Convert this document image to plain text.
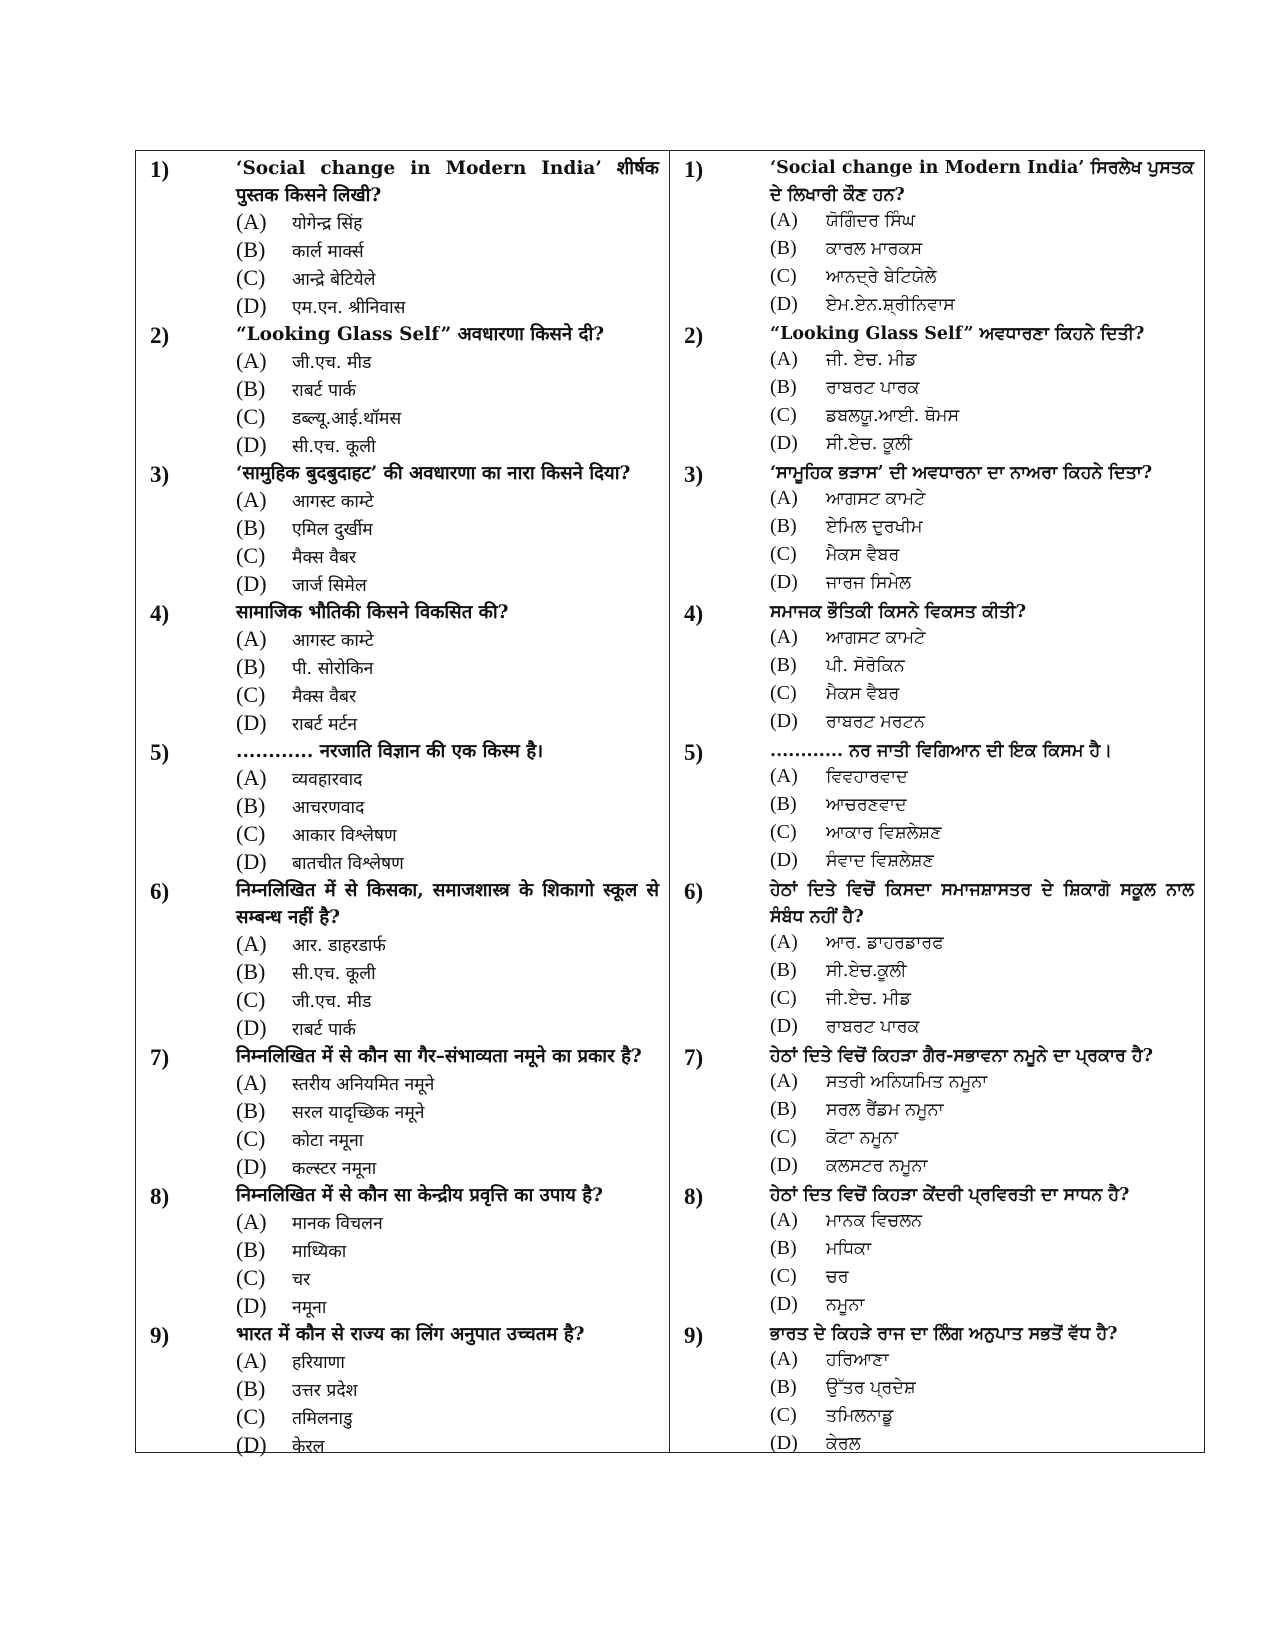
1)	‘Social change in Modern India’ शीर्षक पुस्तक किसने लिखी?
(A)	योगेन्द्र सिंह
(B)	कार्ल मार्क्स
(C)	आन्द्रे बेटियेले
(D)	एम.एन. श्रीनिवास
2)	“Looking Glass Self” अवधारणा किसने दी?
(A)	जी.एच. मीड
(B)	राबर्ट पार्क
(C)	डब्ल्यू.आई.थॉमस
(D)	सी.एच. कूली
3)	‘सामुहिक बुदबुदाहट’ की अवधारणा का नारा किसने दिया?
(A)	आगस्ट काम्टे
(B)	एमिल दुर्खीम
(C)	मैक्स वैबर
(D)	जार्ज सिमेल
4)	सामाजिक भौतिकी किसने विकसित की?
(A)	आगस्ट काम्टे
(B)	पी. सोरोकिन
(C)	मैक्स वैबर
(D)	राबर्ट मर्टन
5)	............ नरजाति विज्ञान की एक किस्म है।
(A)	व्यवहारवाद
(B)	आचरणवाद
(C)	आकार विश्लेषण
(D)	बातचीत विश्लेषण
6)	निम्नलिखित में से किसका, समाजशास्त्र के शिकागो स्कूल से सम्बन्ध नहीं है?
(A)	आर. डाहरडार्फ
(B)	सी.एच. कूली
(C)	जी.एच. मीड
(D)	राबर्ट पार्क
7)	निम्नलिखित में से कौन सा गैर–संभाव्यता नमूने का प्रकार है?
(A)	स्तरीय अनियमित नमूने
(B)	सरल यादृच्छिक नमूने
(C)	कोटा नमूना
(D)	कल्स्टर नमूना
8)	निम्नलिखित में से कौन सा केन्द्रीय प्रवृत्ति का उपाय है?
(A)	मानक विचलन
(B)	माध्यिका
(C)	चर
(D)	नमूना
9)	भारत में कौन से राज्य का लिंग अनुपात उच्चतम है?
(A)	हरियाणा
(B)	उत्तर प्रदेश
(C)	तमिलनाडु
(D)	केरल
1)	‘Social change in Modern India’ ਸਿਰਲੇਖ ਪੁਸਤਕ ਦੇ ਲਿਖਾਰੀ ਕੌਣ ਹਨ?
(A)	ਯੋਗਿੰਦਰ ਸਿੰਘ
(B)	ਕਾਰਲ ਮਾਰਕਸ
(C)	ਆਨਦ੍ਰੇ ਬੇਟਿਯੇਲੇ
(D)	ਏਮ.ਏਨ.ਸ਼੍ਰੀਨਿਵਾਸ
2)	“Looking Glass Self” ਅਵਧਾਰਣਾ ਕਿਹਨੇ ਦਿਤੀ?
(A)	ਜੀ. ਏਚ. ਮੀਡ
(B)	ਰਾਬਰਟ ਪਾਰਕ
(C)	ਡਬਲਯੂ.ਆਈ. ਥੋਮਸ
(D)	ਸੀ.ਏਚ. ਕੂਲੀ
3)	‘ਸਾਮੂਹਿਕ ਭੜਾਸ’ ਦੀ ਅਵਧਾਰਨਾ ਦਾ ਨਾਅਰਾ ਕਿਹਨੇ ਦਿਤਾ?
(A)	ਆਗਸਟ ਕਾਮਟੇ
(B)	ਏਮਿਲ ਦੁਰਖੀਮ
(C)	ਮੈਕਸ ਵੈਬਰ
(D)	ਜਾਰਜ ਸਿਮੇਲ
4)	ਸਮਾਜਕ ਭੌਤਿਕੀ ਕਿਸਨੇ ਵਿਕਸਤ ਕੀਤੀ?
(A)	ਆਗਸਟ ਕਾਮਟੇ
(B)	ਪੀ. ਸੋਰੋਕਿਨ
(C)	ਮੈਕਸ ਵੈਬਰ
(D)	ਰਾਬਰਟ ਮਰਟਨ
5)	............ ਨਰ ਜਾਤੀ ਵਿਗਿਆਨ ਦੀ ਇਕ ਕਿਸਮ ਹੈ।
(A)	ਵਿਵਹਾਰਵਾਦ
(B)	ਆਚਰਣਵਾਦ
(C)	ਆਕਾਰ ਵਿਸ਼ਲੇਸ਼ਣ
(D)	ਸੰਵਾਦ ਵਿਸ਼ਲੇਸ਼ਣ
6)	ਹੇਠਾਂ ਦਿਤੇ ਵਿਚੋਂ ਕਿਸਦਾ ਸਮਾਜਸ਼ਾਸਤਰ ਦੇ ਸ਼ਿਕਾਗੋ ਸਕੂਲ ਨਾਲ ਸੰਬੰਧ ਨਹੀਂ ਹੈ?
(A)	ਆਰ. ਡਾਹਰਡਾਰਫ
(B)	ਸੀ.ਏਚ.ਕੂਲੀ
(C)	ਜੀ.ਏਚ. ਮੀਡ
(D)	ਰਾਬਰਟ ਪਾਰਕ
7)	ਹੇਠਾਂ ਦਿਤੇ ਵਿਚੋਂ ਕਿਹੜਾ ਗੈਰ-ਸਭਾਵਨਾ ਨਮੂਨੇ ਦਾ ਪ੍ਰਕਾਰ ਹੈ?
(A)	ਸਤਰੀ ਅਨਿਯਮਿਤ ਨਮੂਨਾ
(B)	ਸਰਲ ਰੈਂਡਮ ਨਮੂਨਾ
(C)	ਕੋਟਾ ਨਮੂਨਾ
(D)	ਕਲਸਟਰ ਨਮੂਨਾ
8)	ਹੇਠਾਂ ਦਿਤ ਵਿਚੋਂ ਕਿਹੜਾ ਕੇਂਦਰੀ ਪ੍ਰਵਿਰਤੀ ਦਾ ਸਾਧਨ ਹੈ?
(A)	ਮਾਨਕ ਵਿਚਲਨ
(B)	ਮਧਿਕਾ
(C)	ਚਰ
(D)	ਨਮੂਨਾ
9)	ਭਾਰਤ ਦੇ ਕਿਹੜੇ ਰਾਜ ਦਾ ਲਿੰਗ ਅਨੁਪਾਤ ਸਭਤੋਂ ਵੱਧ ਹੈ?
(A)	ਹਰਿਆਣਾ
(B)	ਉੱਤਰ ਪ੍ਰਦੇਸ਼
(C)	ਤਮਿਲਨਾਡੂ
(D)	ਕੇਰਲ
